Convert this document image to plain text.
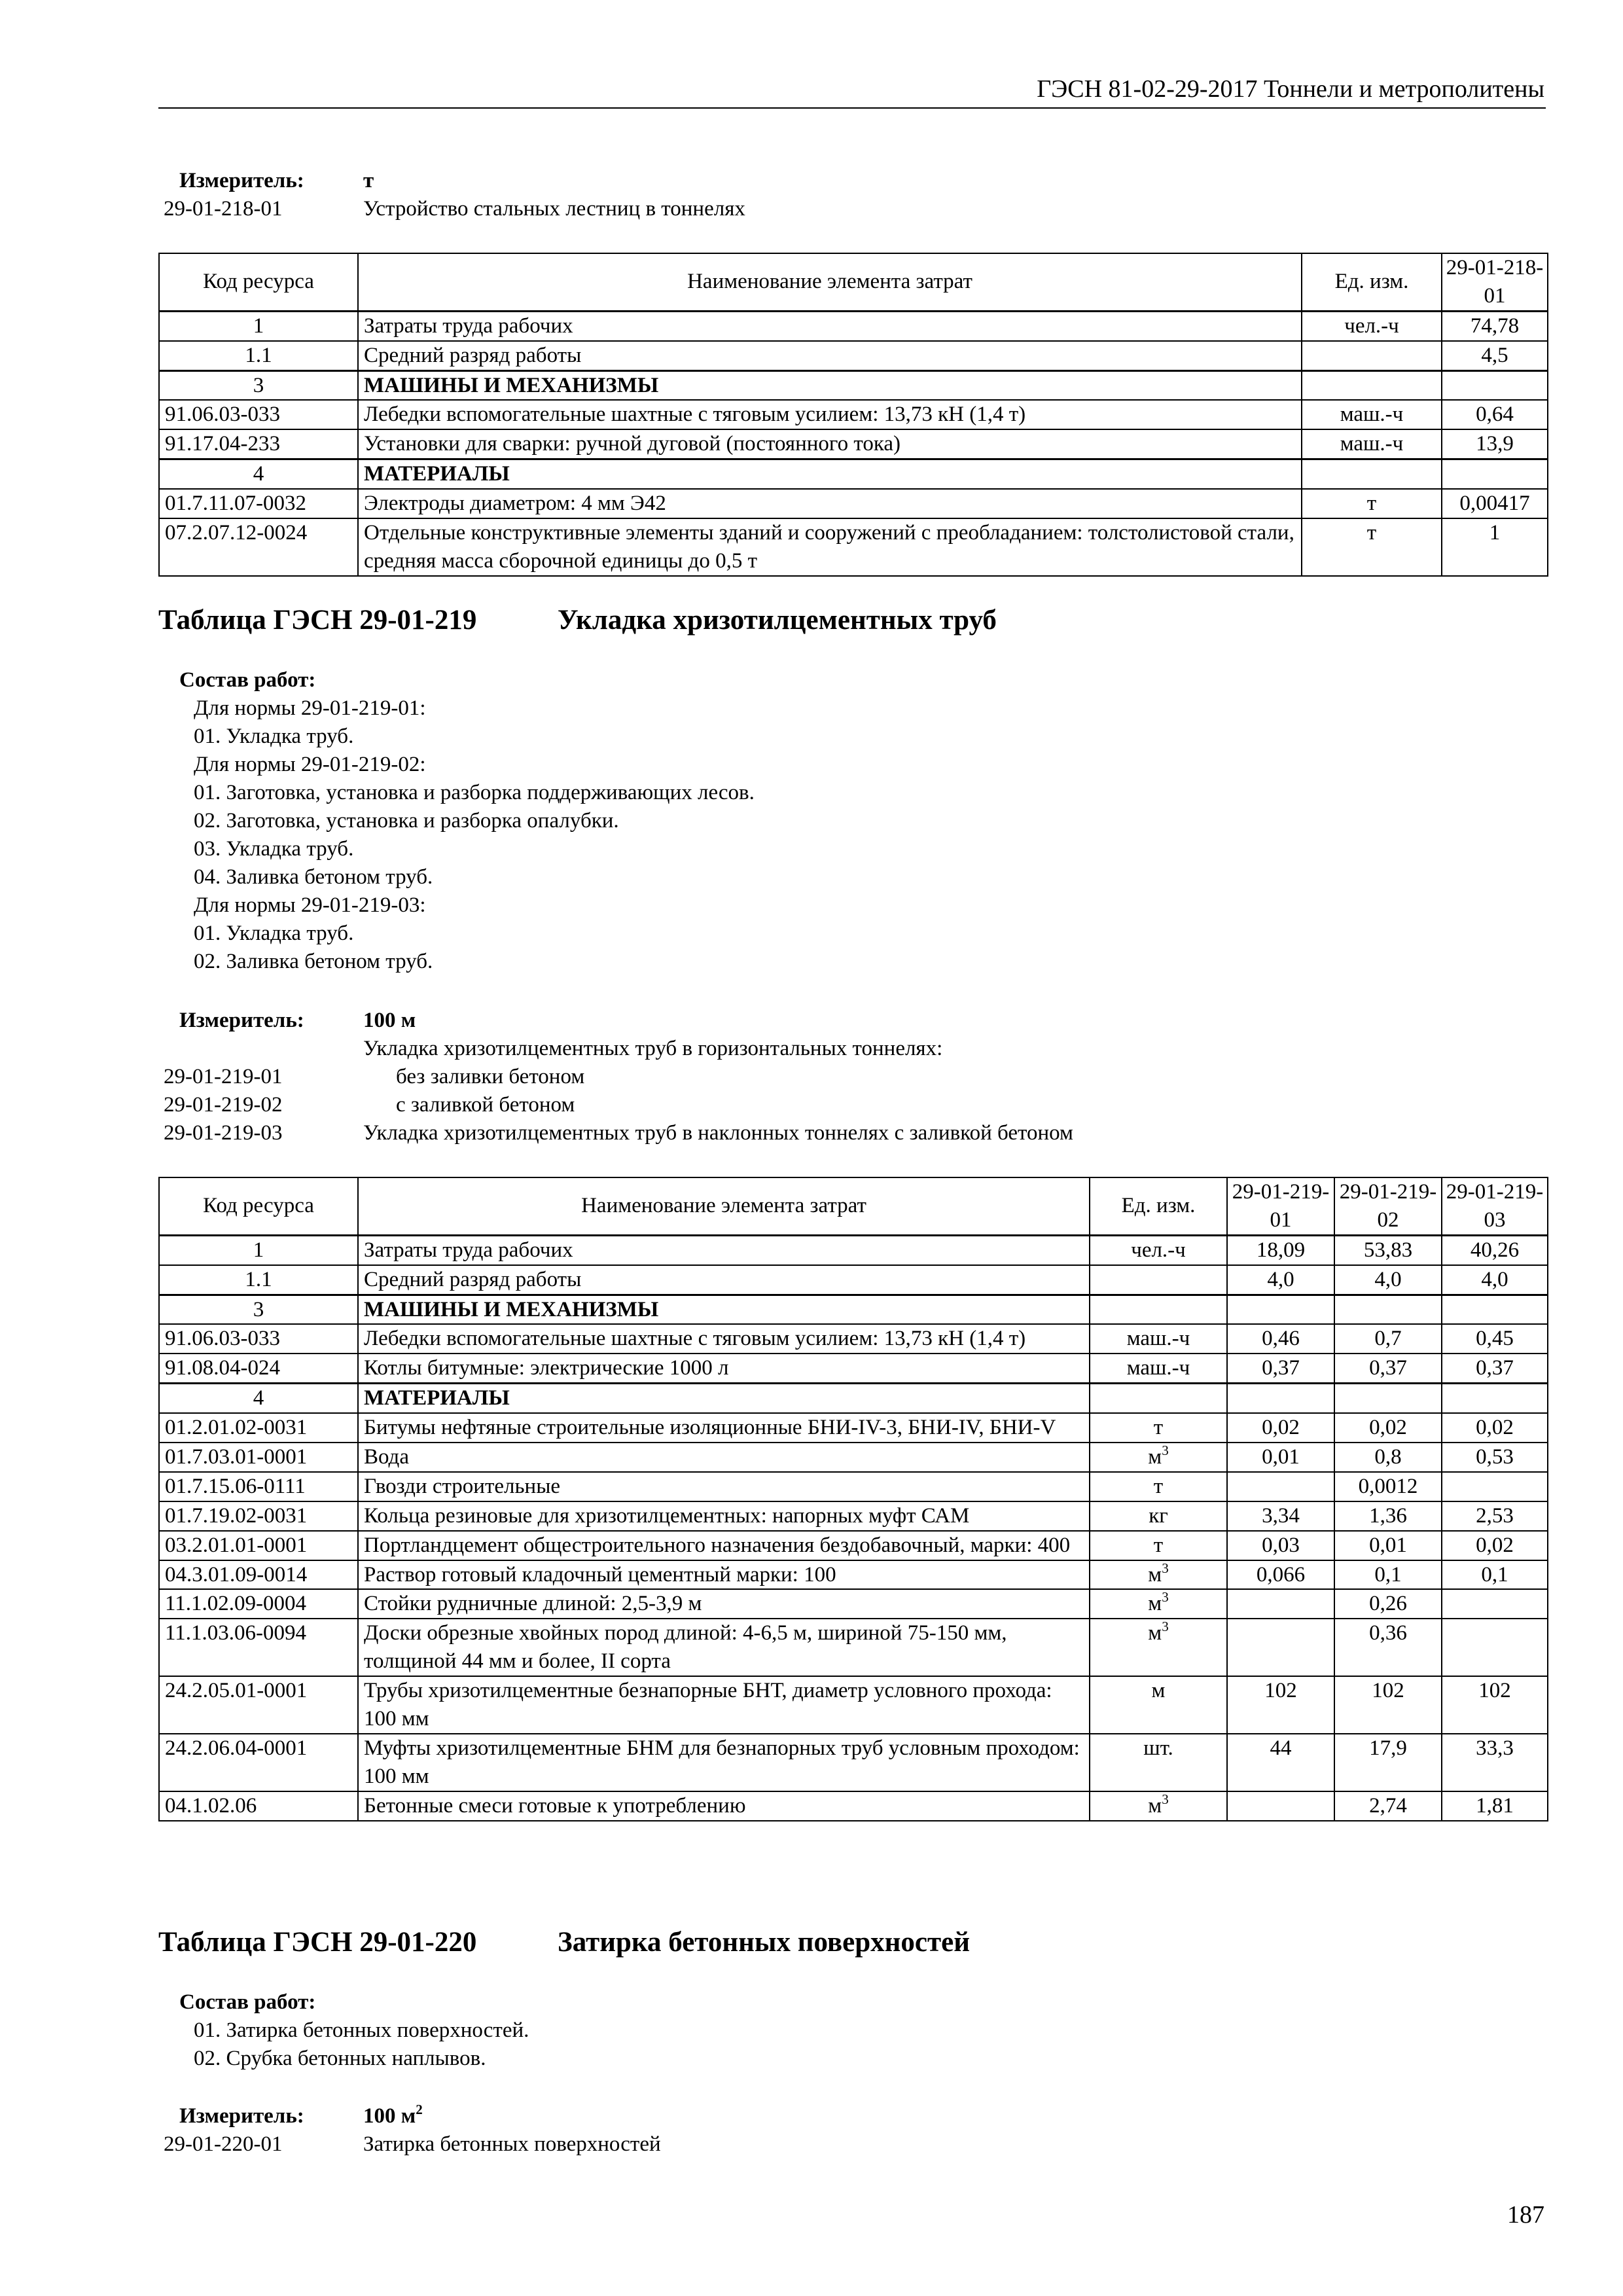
ГЭСН 81-02-29-2017 Тоннели и метрополитены
Измеритель:	т
29-01-218-01	Устройство стальных лестниц в тоннелях
Код ресурса	Наименование элемента затрат	Ед. изм.	29-01-218-01
1	Затраты труда рабочих	чел.-ч	74,78
1.1	Средний разряд работы		4,5
3	МАШИНЫ И МЕХАНИЗМЫ		
91.06.03-033	Лебедки вспомогательные шахтные с тяговым усилием: 13,73 кН (1,4 т)	маш.-ч	0,64
91.17.04-233	Установки для сварки: ручной дуговой (постоянного тока)	маш.-ч	13,9
4	МАТЕРИАЛЫ		
01.7.11.07-0032	Электроды диаметром: 4 мм Э42	т	0,00417
07.2.07.12-0024	Отдельные конструктивные элементы зданий и сооружений с преобладанием: толстолистовой стали, средняя масса сборочной единицы до 0,5 т	т	1
Таблица ГЭСН 29-01-219	Укладка хризотилцементных труб
Состав работ:
Для нормы 29-01-219-01:
01. Укладка труб.
Для нормы 29-01-219-02:
01. Заготовка, установка и разборка поддерживающих лесов.
02. Заготовка, установка и разборка опалубки.
03. Укладка труб.
04. Заливка бетоном труб.
Для нормы 29-01-219-03:
01. Укладка труб.
02. Заливка бетоном труб.
Измеритель:	100 м
Укладка хризотилцементных труб в горизонтальных тоннелях:
29-01-219-01	без заливки бетоном
29-01-219-02	с заливкой бетоном
29-01-219-03	Укладка хризотилцементных труб в наклонных тоннелях с заливкой бетоном
Код ресурса	Наименование элемента затрат	Ед. изм.	29-01-219-01	29-01-219-02	29-01-219-03
1	Затраты труда рабочих	чел.-ч	18,09	53,83	40,26
1.1	Средний разряд работы		4,0	4,0	4,0
3	МАШИНЫ И МЕХАНИЗМЫ				
91.06.03-033	Лебедки вспомогательные шахтные с тяговым усилием: 13,73 кН (1,4 т)	маш.-ч	0,46	0,7	0,45
91.08.04-024	Котлы битумные: электрические 1000 л	маш.-ч	0,37	0,37	0,37
4	МАТЕРИАЛЫ				
01.2.01.02-0031	Битумы нефтяные строительные изоляционные БНИ-IV-3, БНИ-IV, БНИ-V	т	0,02	0,02	0,02
01.7.03.01-0001	Вода	$м^3$	0,01	0,8	0,53
01.7.15.06-0111	Гвозди строительные	т		0,0012	
01.7.19.02-0031	Кольца резиновые для хризотилцементных: напорных муфт САМ	кг	3,34	1,36	2,53
03.2.01.01-0001	Портландцемент общестроительного назначения бездобавочный, марки: 400	т	0,03	0,01	0,02
04.3.01.09-0014	Раствор готовый кладочный цементный марки: 100	$м^3$	0,066	0,1	0,1
11.1.02.09-0004	Стойки рудничные длиной: 2,5-3,9 м	$м^3$		0,26	
11.1.03.06-0094	Доски обрезные хвойных пород длиной: 4-6,5 м, шириной 75-150 мм, толщиной 44 мм и более, II сорта	$м^3$		0,36	
24.2.05.01-0001	Трубы хризотилцементные безнапорные БНТ, диаметр условного прохода: 100 мм	м	102	102	102
24.2.06.04-0001	Муфты хризотилцементные БНМ для безнапорных труб условным проходом: 100 мм	шт.	44	17,9	33,3
04.1.02.06	Бетонные смеси готовые к употреблению	$м^3$		2,74	1,81
Таблица ГЭСН 29-01-220	Затирка бетонных поверхностей
Состав работ:
01. Затирка бетонных поверхностей.
02. Срубка бетонных наплывов.
Измеритель:	100 $м^2$
29-01-220-01	Затирка бетонных поверхностей
187
